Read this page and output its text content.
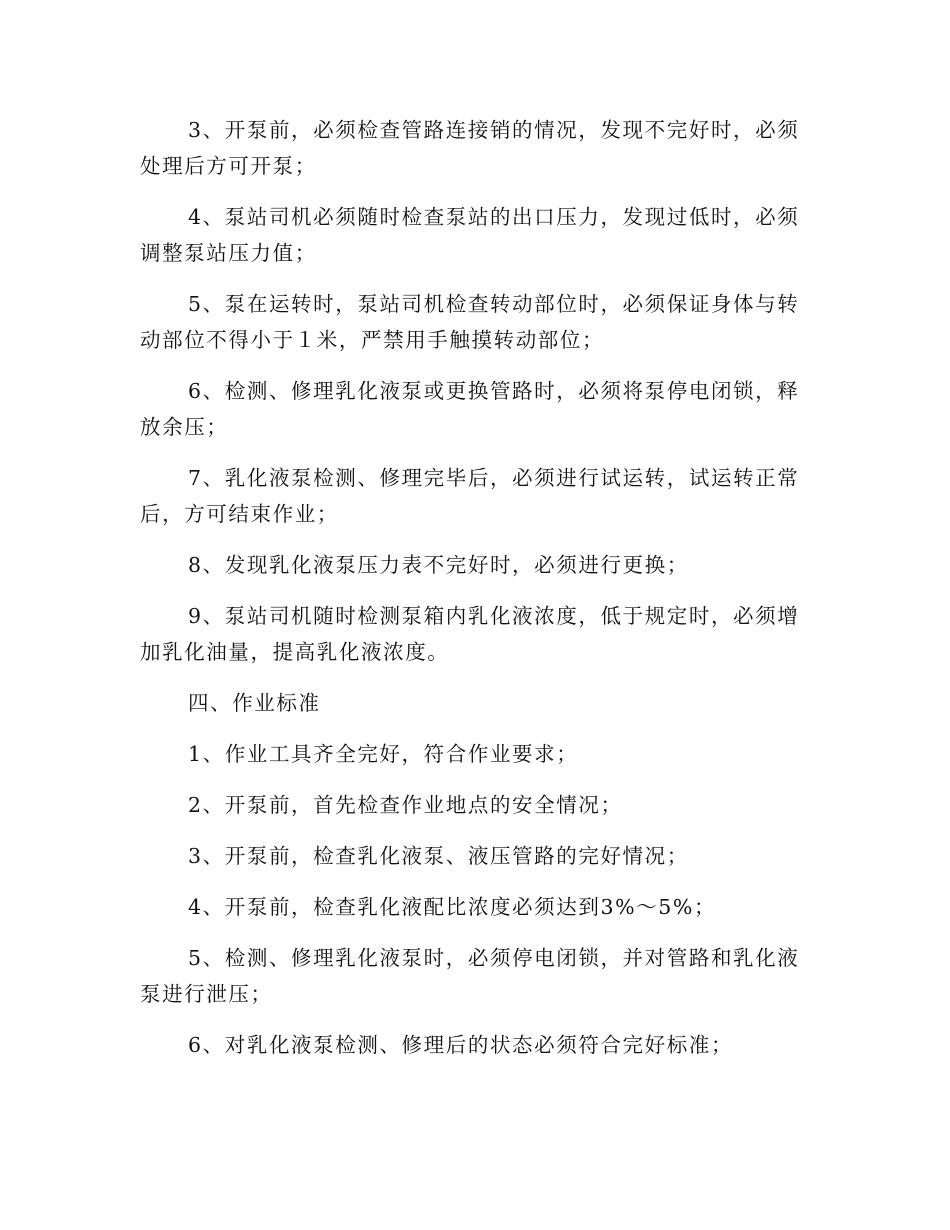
3、开泵前，必须检查管路连接销的情况，发现不完好时，必须处理后方可开泵；

4、泵站司机必须随时检查泵站的出口压力，发现过低时，必须调整泵站压力值；

5、泵在运转时，泵站司机检查转动部位时，必须保证身体与转动部位不得小于１米，严禁用手触摸转动部位；

6、检测、修理乳化液泵或更换管路时，必须将泵停电闭锁，释放余压；

7、乳化液泵检测、修理完毕后，必须进行试运转，试运转正常后，方可结束作业；

8、发现乳化液泵压力表不完好时，必须进行更换；

9、泵站司机随时检测泵箱内乳化液浓度，低于规定时，必须增加乳化油量，提高乳化液浓度。

四、作业标准

1、作业工具齐全完好，符合作业要求；

2、开泵前，首先检查作业地点的安全情况；

3、开泵前，检查乳化液泵、液压管路的完好情况；

4、开泵前，检查乳化液配比浓度必须达到3%～5%；

5、检测、修理乳化液泵时，必须停电闭锁，并对管路和乳化液泵进行泄压；

6、对乳化液泵检测、修理后的状态必须符合完好标准；
